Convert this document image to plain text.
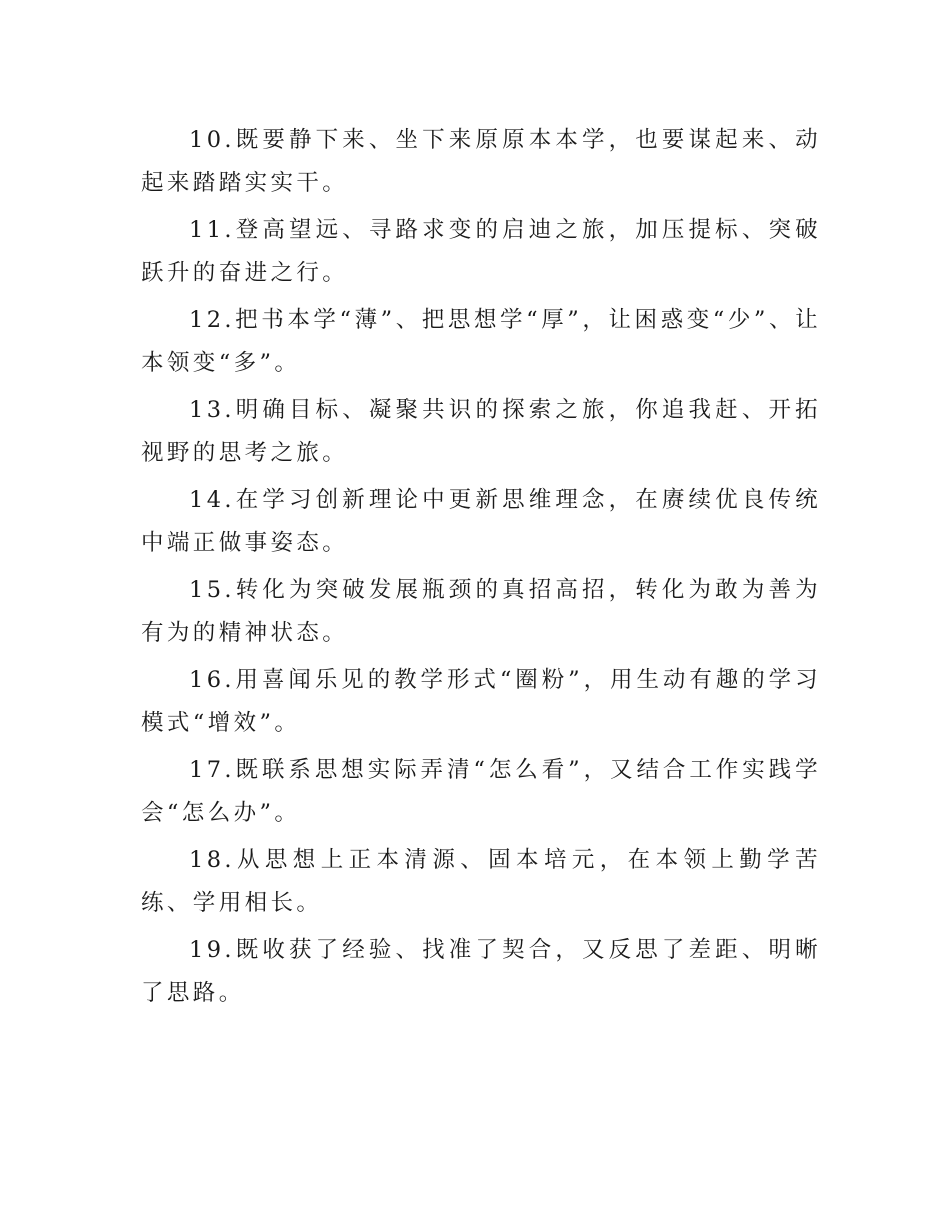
10.既要静下来、坐下来原原本本学，也要谋起来、动起来踏踏实实干。

11.登高望远、寻路求变的启迪之旅，加压提标、突破跃升的奋进之行。

12.把书本学“薄”、把思想学“厚”，让困惑变“少”、让本领变“多”。

13.明确目标、凝聚共识的探索之旅，你追我赶、开拓视野的思考之旅。

14.在学习创新理论中更新思维理念，在赓续优良传统中端正做事姿态。

15.转化为突破发展瓶颈的真招高招，转化为敢为善为有为的精神状态。

16.用喜闻乐见的教学形式“圈粉”，用生动有趣的学习模式“增效”。

17.既联系思想实际弄清“怎么看”，又结合工作实践学会“怎么办”。

18.从思想上正本清源、固本培元，在本领上勤学苦练、学用相长。

19.既收获了经验、找准了契合，又反思了差距、明晰了思路。
